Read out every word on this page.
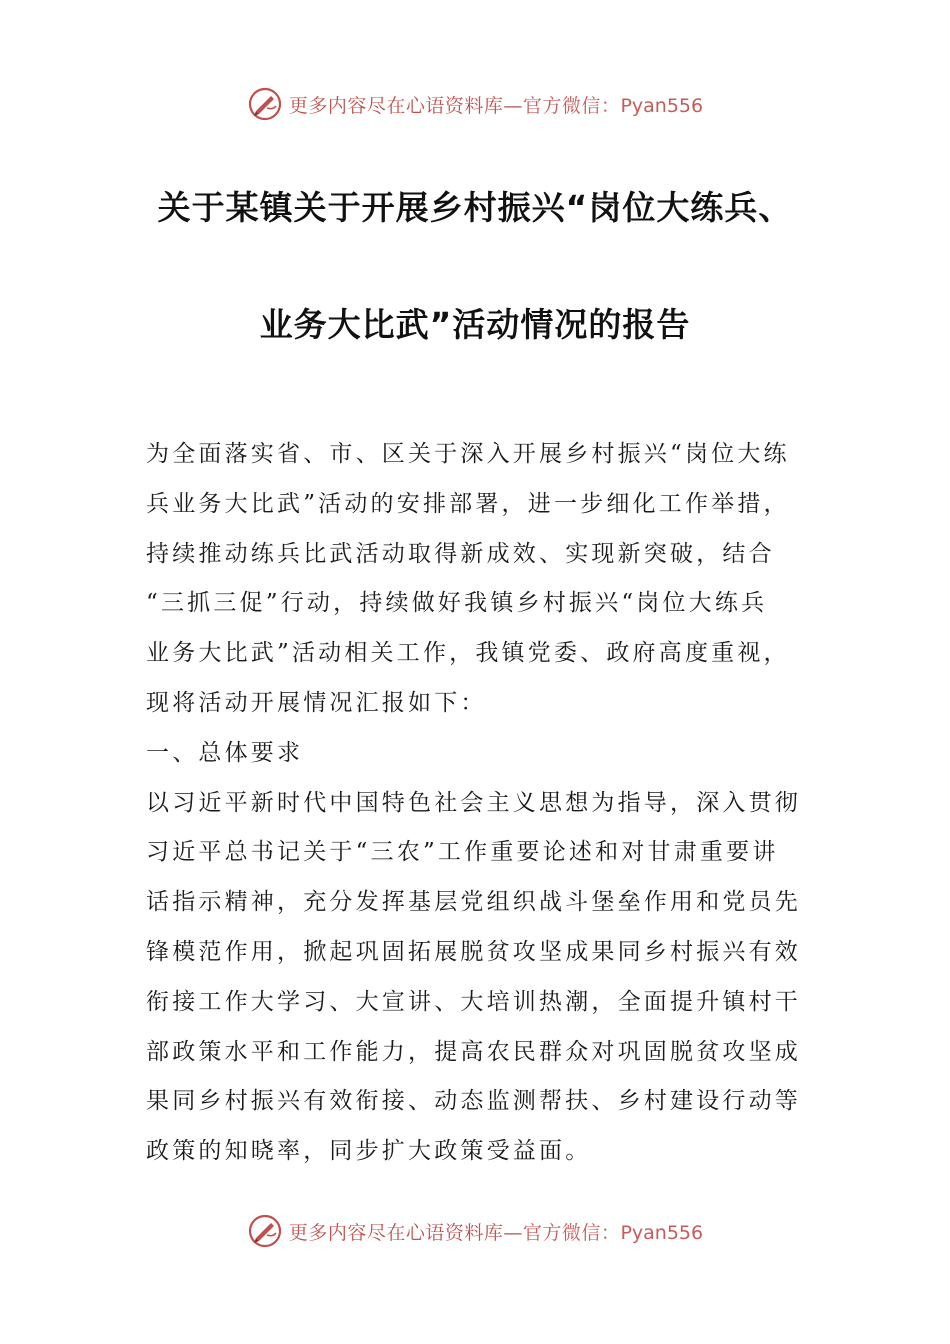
更多内容尽在心语资料库—官方微信：Pyan556
关于某镇关于开展乡村振兴“岗位大练兵、
业务大比武”活动情况的报告
为全面落实省、市、区关于深入开展乡村振兴“岗位大练
兵业务大比武”活动的安排部署，进一步细化工作举措，
持续推动练兵比武活动取得新成效、实现新突破，结合
“三抓三促”行动，持续做好我镇乡村振兴“岗位大练兵
业务大比武”活动相关工作，我镇党委、政府高度重视，
现将活动开展情况汇报如下：
一、总体要求
以习近平新时代中国特色社会主义思想为指导，深入贯彻
习近平总书记关于“三农”工作重要论述和对甘肃重要讲
话指示精神，充分发挥基层党组织战斗堡垒作用和党员先
锋模范作用，掀起巩固拓展脱贫攻坚成果同乡村振兴有效
衔接工作大学习、大宣讲、大培训热潮，全面提升镇村干
部政策水平和工作能力，提高农民群众对巩固脱贫攻坚成
果同乡村振兴有效衔接、动态监测帮扶、乡村建设行动等
政策的知晓率，同步扩大政策受益面。
更多内容尽在心语资料库—官方微信：Pyan556
